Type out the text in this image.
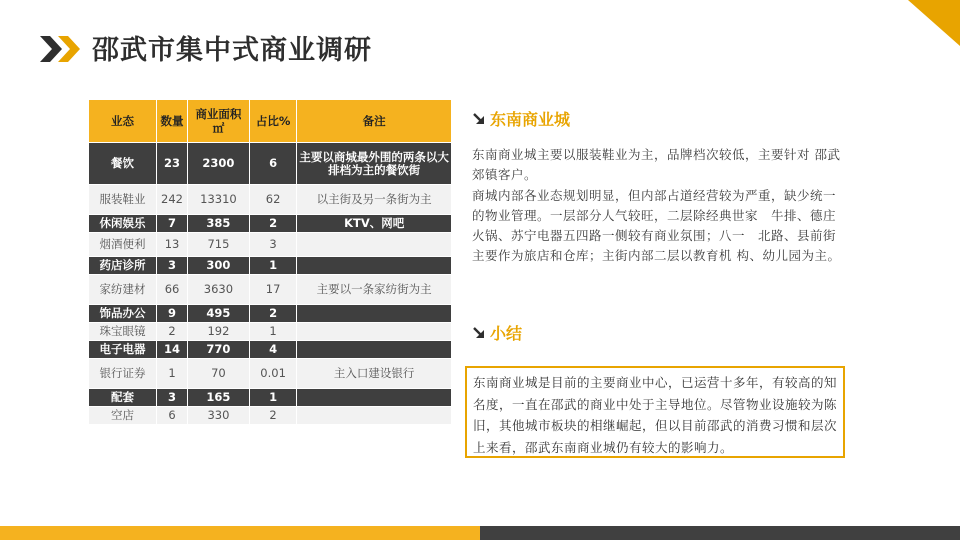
邵武市集中式商业调研
业态	数量	商业面积㎡	占比%	备注
餐饮	23	2300	6	主要以商城最外围的两条以大排档为主的餐饮街
服装鞋业	242	13310	62	以主街及另一条街为主
休闲娱乐	7	385	2	KTV、网吧
烟酒便利	13	715	3	
药店诊所	3	300	1	
家纺建材	66	3630	17	主要以一条家纺街为主
饰品办公	9	495	2	
珠宝眼镜	2	192	1	
电子电器	14	770	4	
银行证券	1	70	0.01	主入口建设银行
配套	3	165	1	
空店	6	330	2	
东南商业城
东南商业城主要以服装鞋业为主，品牌档次较低，主要针对 邵武郊镇客户。
商城内部各业态规划明显，但内部占道经营较为严重，缺少统一的物业管理。一层部分人气较旺，二层除经典世家　牛排、德庄火锅、苏宁电器五四路一侧较有商业氛围；八一　北路、县前街主要作为旅店和仓库；主街内部二层以教育机 构、幼儿园为主。
小结
东南商业城是目前的主要商业中心，已运营十多年，有较高的知名度，一直在邵武的商业中处于主导地位。尽管物业设施较为陈旧，其他城市板块的相继崛起，但以目前邵武的消费习惯和层次上来看，邵武东南商业城仍有较大的影响力。
